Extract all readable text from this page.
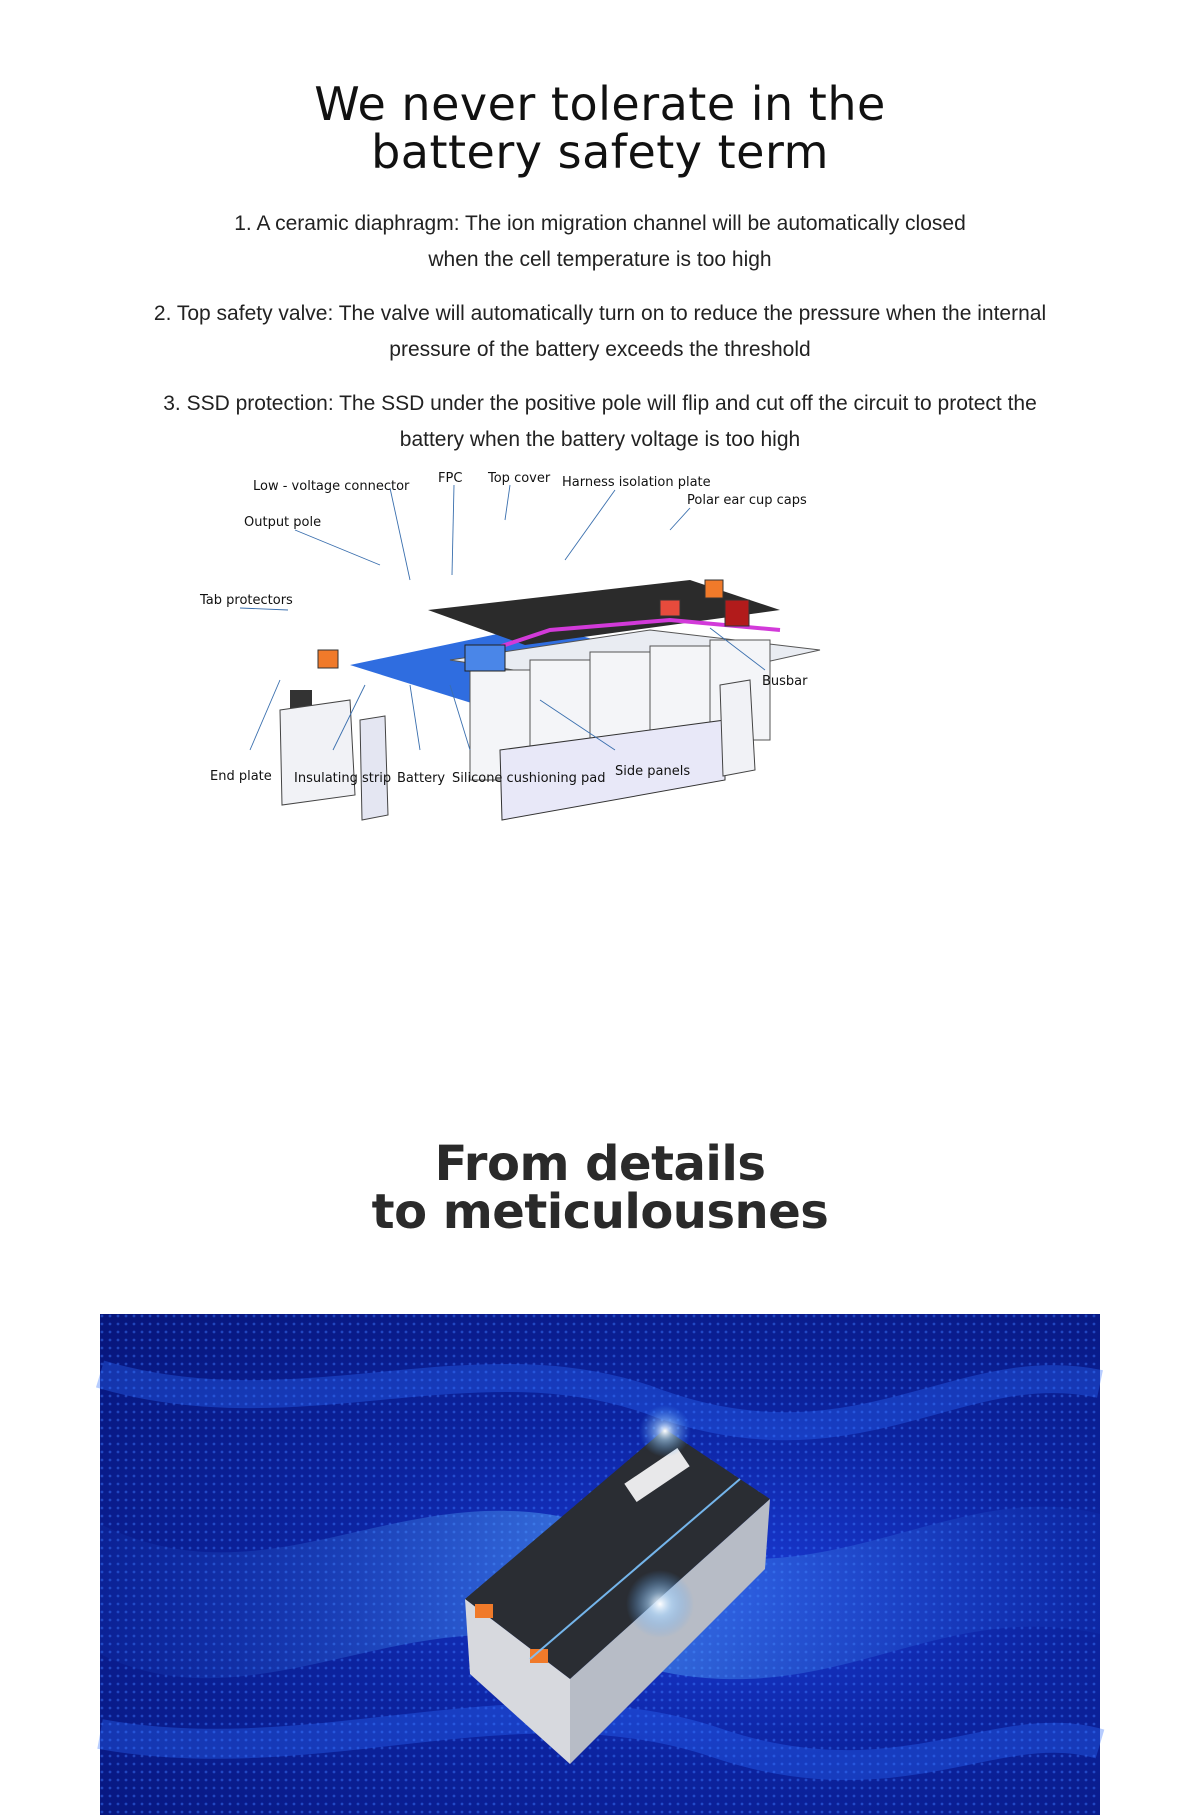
We never tolerate in the
battery safety term
1. A ceramic diaphragm: The ion migration channel will be automatically closed
when the cell temperature is too high
2. Top safety valve: The valve will automatically turn on to reduce the pressure when the internal
pressure of the battery exceeds the threshold
3. SSD protection: The SSD under the positive pole will flip and cut off the circuit to protect the
battery when the battery voltage is too high
Low - voltage connector
FPC Top cover Harness isolation plate
Polar ear cup caps
Output pole
Tab protectors
Busbar
End plate Insulating strip Battery Silicone cushioning pad Side panels
From details
to meticulousnes
